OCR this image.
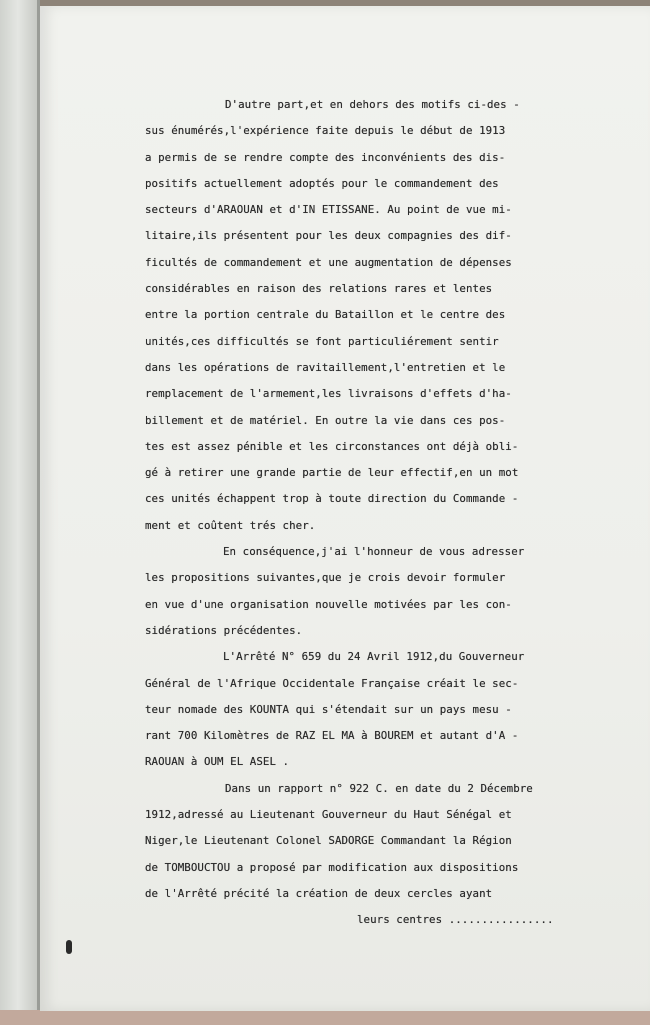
D'autre part,et en dehors des motifs ci-des -
sus énumérés,l'expérience faite depuis le début de 1913
a permis de se rendre compte des inconvénients des dis-
positifs actuellement adoptés pour le commandement des
secteurs d'ARAOUAN et d'IN ETISSANE. Au point de vue mi-
litaire,ils présentent pour les deux compagnies des dif-
ficultés de commandement et une augmentation de dépenses
considérables en raison des relations rares et lentes
entre la portion centrale du Bataillon et le centre des
unités,ces difficultés se font particuliérement sentir
dans les opérations de ravitaillement,l'entretien et le
remplacement de l'armement,les livraisons d'effets d'ha-
billement et de matériel. En outre la vie dans ces pos-
tes est assez pénible et les circonstances ont déjà obli-
gé à retirer une grande partie de leur effectif,en un mot
ces unités échappent trop à toute direction du Commande -
ment et coûtent trés cher.
En conséquence,j'ai l'honneur de vous adresser
les propositions suivantes,que je crois devoir formuler
en vue d'une organisation nouvelle motivées par les con-
sidérations précédentes.
L'Arrêté N° 659 du 24 Avril 1912,du Gouverneur
Général de l'Afrique Occidentale Française créait le sec-
teur nomade des KOUNTA qui s'étendait sur un pays mesu -
rant 700 Kilomètres de RAZ EL MA à BOUREM et autant d'A -
RAOUAN à OUM EL ASEL .
Dans un rapport n° 922 C. en date du 2 Décembre
1912,adressé au Lieutenant Gouverneur du Haut Sénégal et
Niger,le Lieutenant Colonel SADORGE Commandant la Région
de TOMBOUCTOU a proposé par modification aux dispositions
de l'Arrêté précité la création de deux cercles ayant
leurs centres ................
